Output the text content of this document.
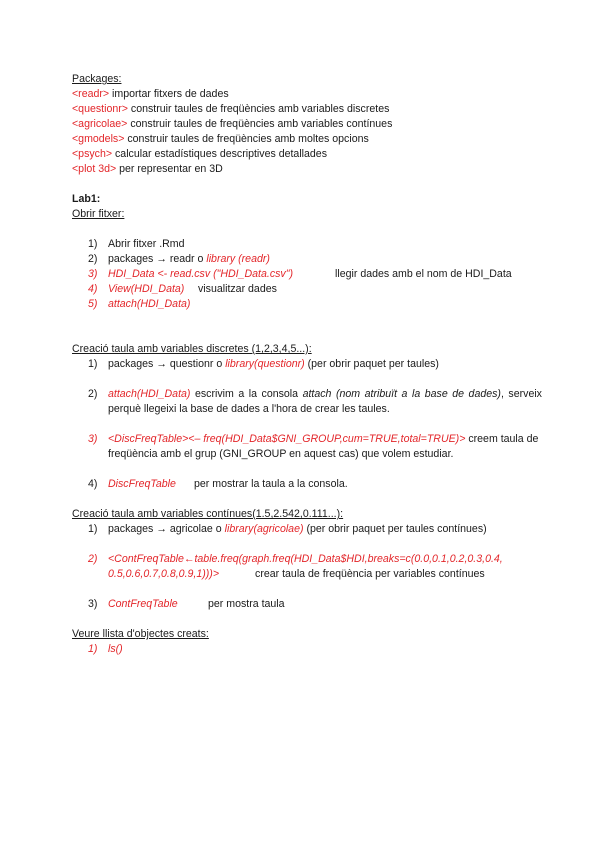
Packages:
<readr> importar fitxers de dades
<questionr> construir taules de freqüències amb variables discretes
<agricolae> construir taules de freqüències amb variables contínues
<gmodels> construir taules de freqüències amb moltes opcions
<psych> calcular estadístiques descriptives detallades
<plot 3d> per representar en 3D
Lab1:
Obrir fitxer:
1) Abrir fitxer .Rmd
2) packages → readr o library (readr)
3) HDI_Data <- read.csv ("HDI_Data.csv")	llegir dades amb el nom de HDI_Data
4) View(HDI_Data) visualitzar dades
5) attach(HDI_Data)
Creació taula amb variables discretes (1,2,3,4,5...):
1) packages → questionr o library(questionr) (per obrir paquet per taules)
2) attach(HDI_Data) escrivim a la consola attach (nom atribuït a la base de dades), serveix perquè llegeixi la base de dades a l'hora de crear les taules.
3) <DiscFreqTable><– freq(HDI_Data$GNI_GROUP,cum=TRUE,total=TRUE)> creem taula de freqüència amb el grup (GNI_GROUP en aquest cas) que volem estudiar.
4) DiscFreqTable per mostrar la taula a la consola.
Creació taula amb variables contínues(1.5,2.542,0.111...):
1) packages → agricolae o library(agricolae) (per obrir paquet per taules contínues)
2) <ContFreqTable←table.freq(graph.freq(HDI_Data$HDI,breaks=c(0.0,0.1,0.2,0.3,0.4, 0.5,0.6,0.7,0.8,0.9,1)))>	crear taula de freqüència per variables contínues
3) ContFreqTable	per mostra taula
Veure llista d'objectes creats:
1) ls()
